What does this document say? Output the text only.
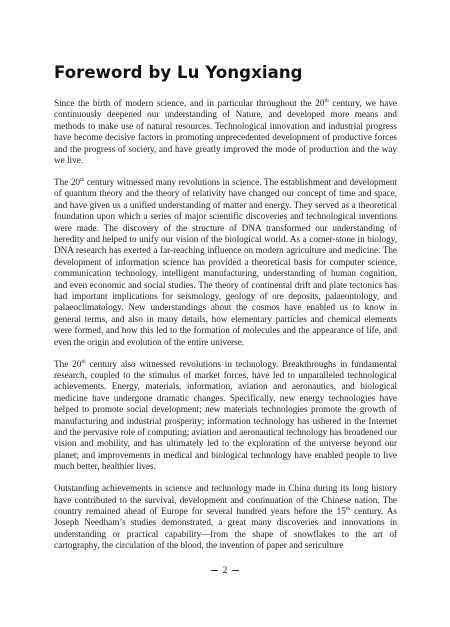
Foreword by Lu Yongxiang

Since the birth of modern science, and in particular throughout the 20th century, we have continuously deepened our understanding of Nature, and developed more means and methods to make use of natural resources. Technological innovation and industrial progress have become decisive factors in promoting unprecedented development of productive forces and the progress of society, and have greatly improved the mode of production and the way we live.

The 20th century witnessed many revolutions in science. The establishment and development of quantum theory and the theory of relativity have changed our concept of time and space, and have given us a unified understanding of matter and energy. They served as a theoretical foundation upon which a series of major scientific discoveries and technological inventions were made. The discovery of the structure of DNA transformed our understanding of heredity and helped to unify our vision of the biological world. As a corner-stone in biology, DNA research has exerted a far-reaching influence on modern agriculture and medicine. The development of information science has provided a theoretical basis for computer science, communication technology, intelligent manufacturing, understanding of human cognition, and even economic and social studies. The theory of continental drift and plate tectonics has had important implications for seismology, geology of ore deposits, palaeontology, and palaeoclimatology. New understandings about the cosmos have enabled us to know in general terms, and also in many details, how elementary particles and chemical elements were formed, and how this led to the formation of molecules and the appearance of life, and even the origin and evolution of the entire universe.

The 20th century also witnessed revolutions in technology. Breakthroughs in fundamental research, coupled to the stimulus of market forces, have led to unparalleled technological achievements. Energy, materials, information, aviation and aeronautics, and biological medicine have undergone dramatic changes. Specifically, new energy technologies have helped to promote social development; new materials technologies promote the growth of manufacturing and industrial prosperity; information technology has ushered in the Internet and the pervasive role of computing; aviation and aeronautical technology has broadened our vision and mobility, and has ultimately led to the exploration of the universe beyond our planet; and improvements in medical and biological technology have enabled people to live much better, healthier lives.

Outstanding achievements in science and technology made in China during its long history have contributed to the survival, development and continuation of the Chinese nation. The country remained ahead of Europe for several hundred years before the 15th century. As Joseph Needham’s studies demonstrated, a great many discoveries and innovations in understanding or practical capability—from the shape of snowflakes to the art of cartography, the circulation of the blood, the invention of paper and sericulture

2
